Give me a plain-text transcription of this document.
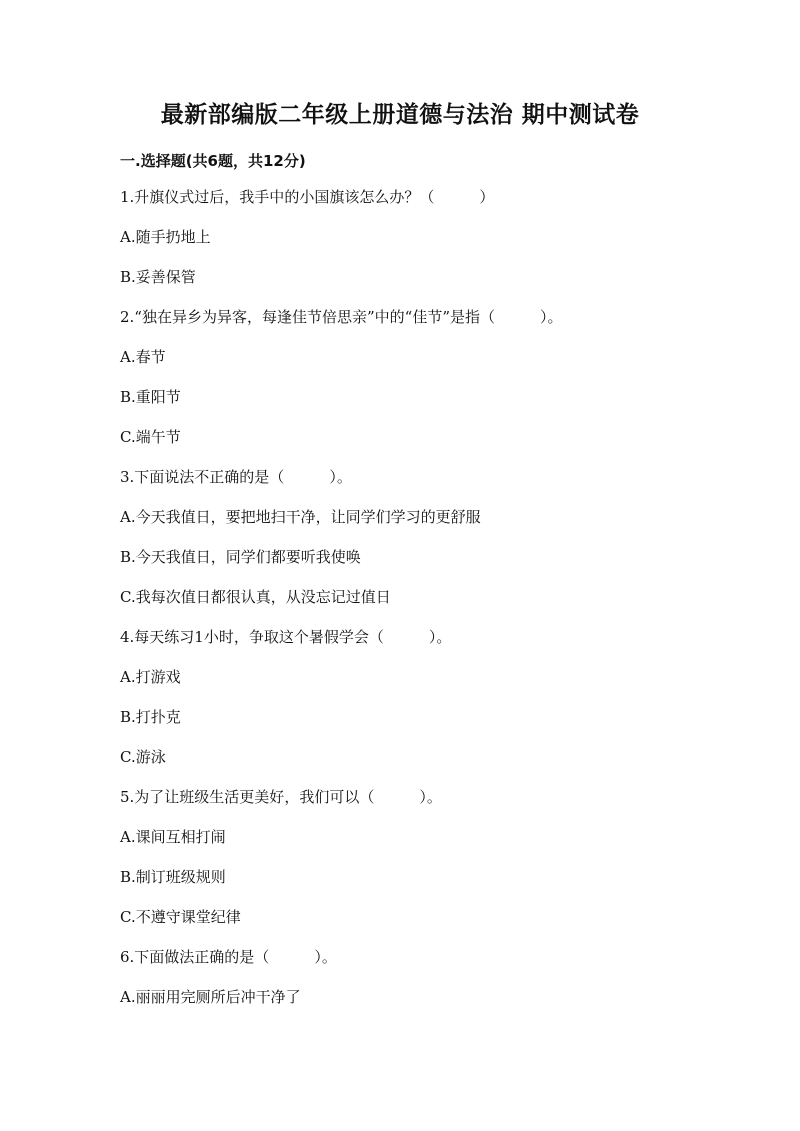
最新部编版二年级上册道德与法治 期中测试卷
一.选择题(共6题，共12分)
1.升旗仪式过后，我手中的小国旗该怎么办？（　　　）
A.随手扔地上
B.妥善保管
2.“独在异乡为异客，每逢佳节倍思亲”中的“佳节”是指（　　　）。
A.春节
B.重阳节
C.端午节
3.下面说法不正确的是（　　　）。
A.今天我值日，要把地扫干净，让同学们学习的更舒服
B.今天我值日，同学们都要听我使唤
C.我每次值日都很认真，从没忘记过值日
4.每天练习1小时，争取这个暑假学会（　　　）。
A.打游戏
B.打扑克
C.游泳
5.为了让班级生活更美好，我们可以（　　　）。
A.课间互相打闹
B.制订班级规则
C.不遵守课堂纪律
6.下面做法正确的是（　　　）。
A.丽丽用完厕所后冲干净了
